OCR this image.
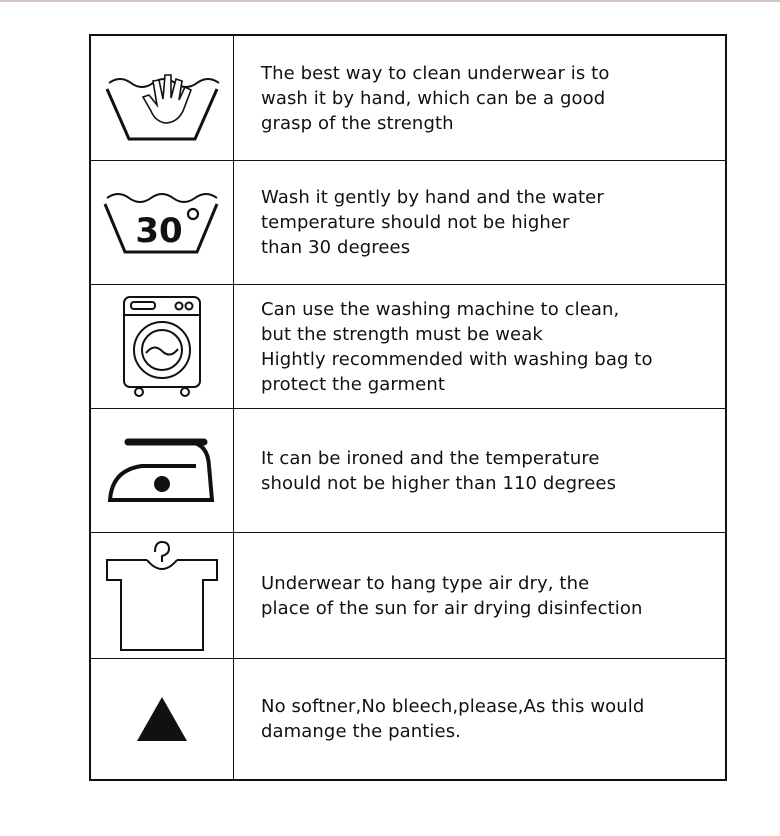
The best way to clean underwear is to
wash it by hand, which can be a good
grasp of the strength
30
Wash it gently by hand and the water
temperature should not be higher
than 30 degrees
Can use the washing machine to clean,
but the strength must be weak
Hightly recommended with washing bag to
protect the garment
It can be ironed and the temperature
should not be higher than 110 degrees
Underwear to hang type air dry, the
place of the sun for air drying disinfection
No softner,No bleech,please,As this would
damange the panties.
